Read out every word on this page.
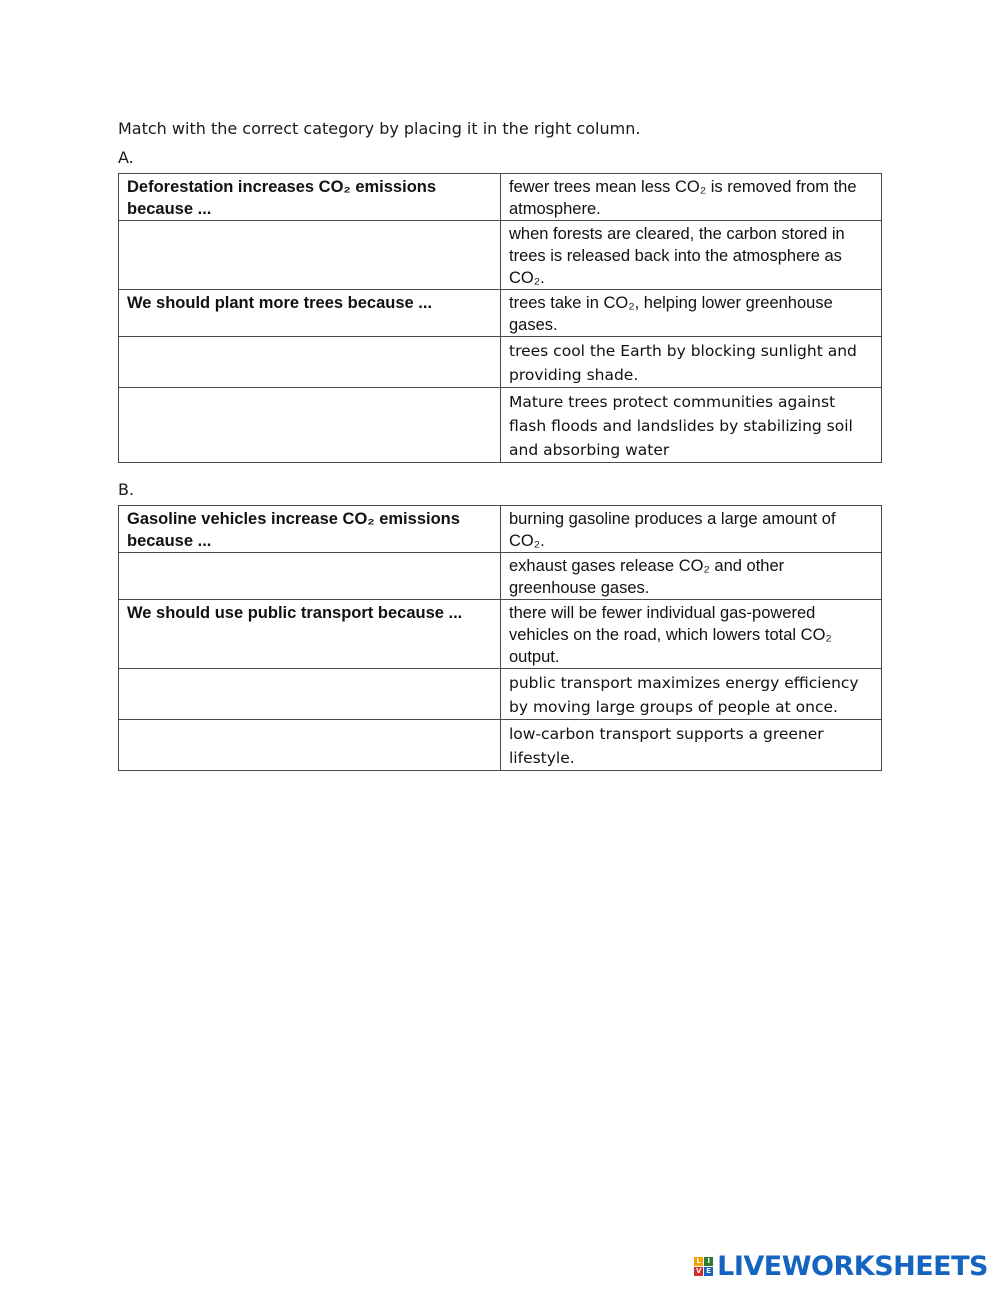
Match with the correct category by placing it in the right column.
A.
Deforestation increases CO₂ emissions because ...	fewer trees mean less CO₂ is removed from the atmosphere.
	when forests are cleared, the carbon stored in trees is released back into the atmosphere as CO₂.
We should plant more trees because ...	trees take in CO₂, helping lower greenhouse gases.
	trees cool the Earth by blocking sunlight and providing shade.
	Mature trees protect communities against flash floods and landslides by stabilizing soil and absorbing water
B.
Gasoline vehicles increase CO₂ emissions because ...	burning gasoline produces a large amount of CO₂.
	exhaust gases release CO₂ and other greenhouse gases.
We should use public transport because ...	there will be fewer individual gas-powered vehicles on the road, which lowers total CO₂ output.
	public transport maximizes energy efficiency by moving large groups of people at once.
	low-carbon transport supports a greener lifestyle.
L I
V E LIVEWORKSHEETS
